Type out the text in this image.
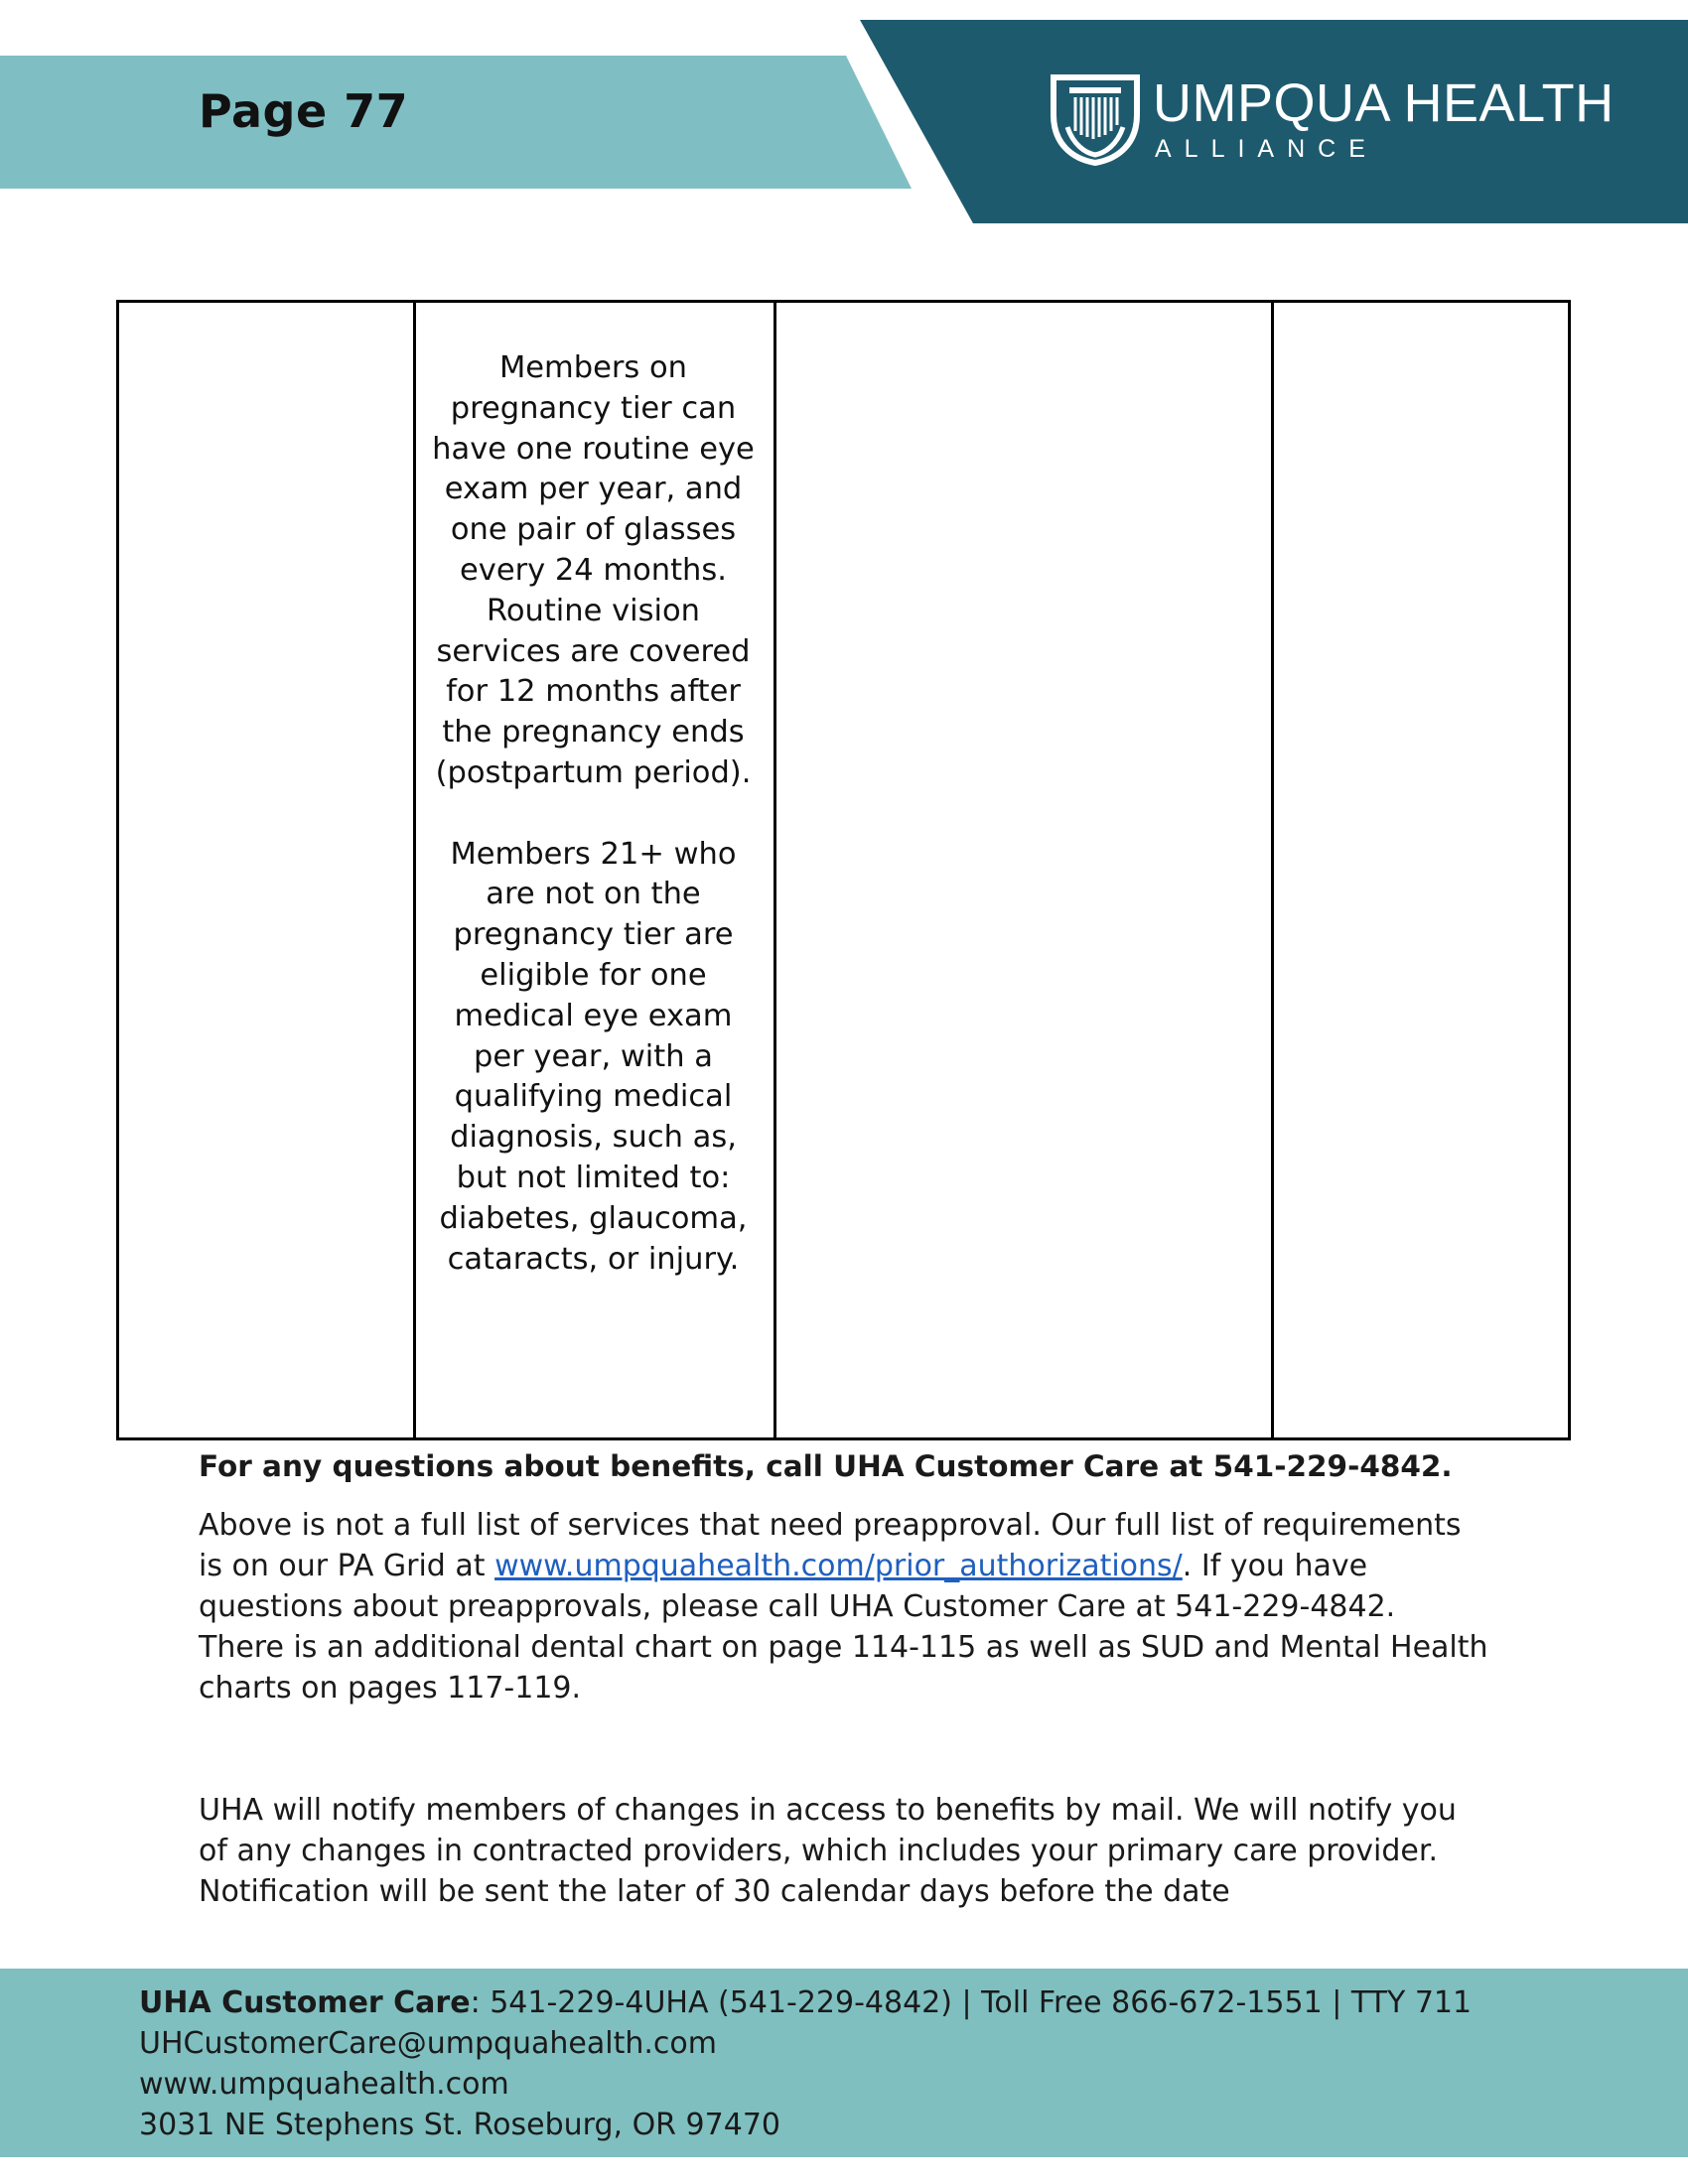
Page 77	UMPQUA HEALTH
ALLIANCE

Members on pregnancy tier can have one routine eye exam per year, and one pair of glasses every 24 months.

Routine vision services are covered for 12 months after the pregnancy ends (postpartum period).

Members 21+ who are not on the pregnancy tier are eligible for one medical eye exam per year, with a qualifying medical diagnosis, such as, but not limited to: diabetes, glaucoma, cataracts, or injury.

For any questions about benefits, call UHA Customer Care at 541-229-4842.

Above is not a full list of services that need preapproval. Our full list of requirements is on our PA Grid at www.umpquahealth.com/prior_authorizations/. If you have questions about preapprovals, please call UHA Customer Care at 541-229-4842. There is an additional dental chart on page 114-115 as well as SUD and Mental Health charts on pages 117-119.

UHA will notify members of changes in access to benefits by mail. We will notify you of any changes in contracted providers, which includes your primary care provider. Notification will be sent the later of 30 calendar days before the date

UHA Customer Care: 541-229-4UHA (541-229-4842) | Toll Free 866-672-1551 | TTY 711
UHCustomerCare@umpquahealth.com
www.umpquahealth.com
3031 NE Stephens St. Roseburg, OR 97470
